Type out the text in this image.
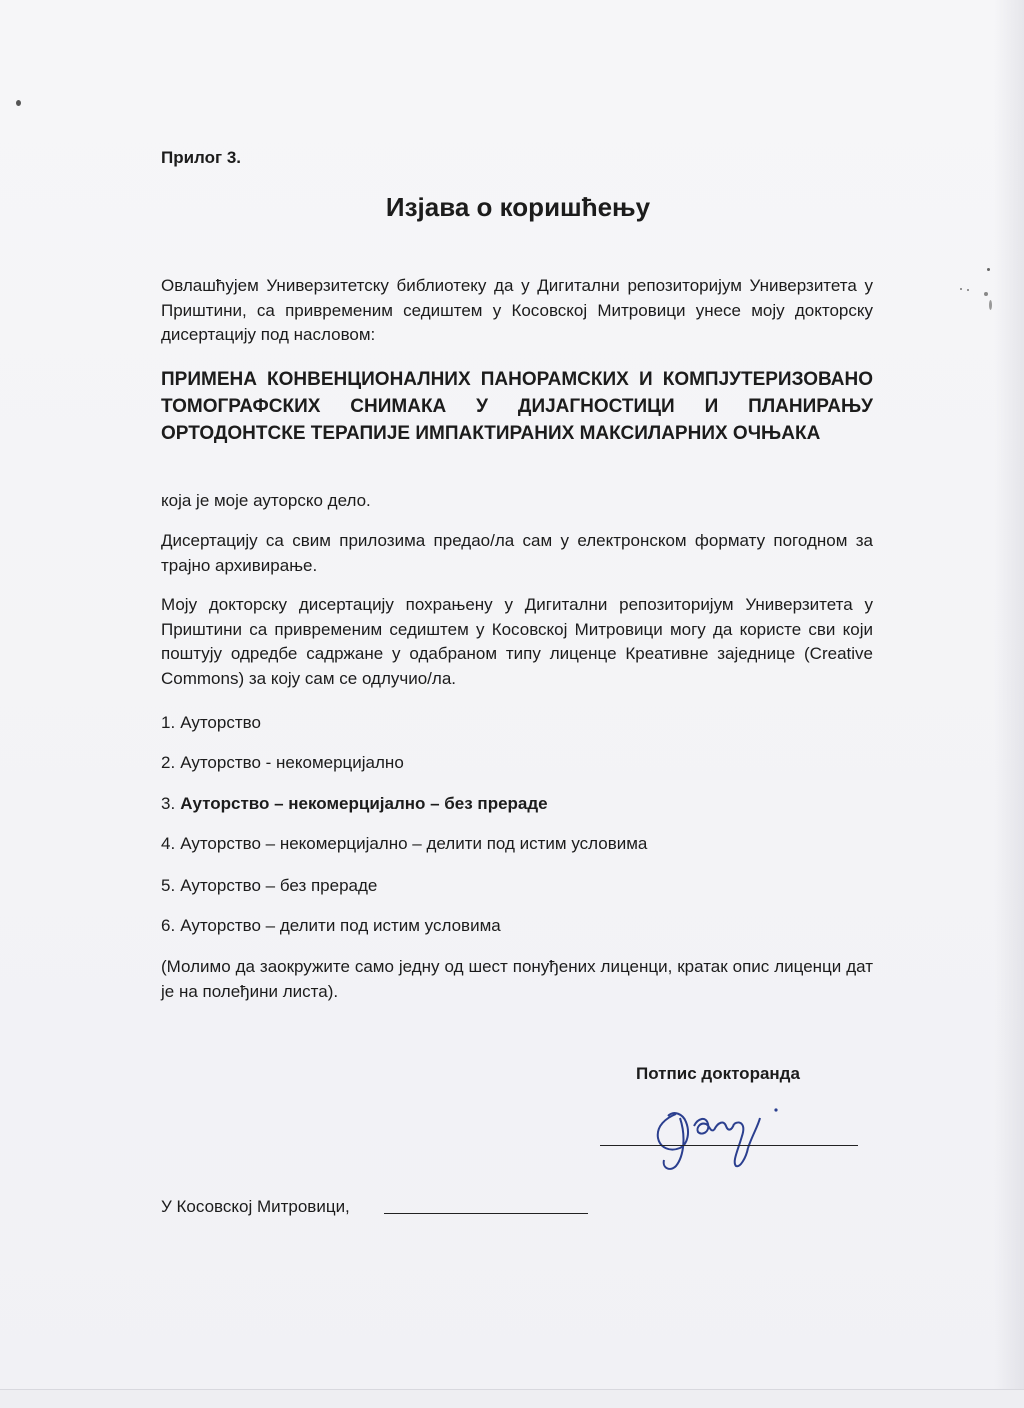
Прилог 3.
Изјава о коришћењу
Овлашћујем Универзитетску библиотеку да у Дигитални репозиторијум Универзитета у Приштини, са привременим седиштем у Косовској Митровици унесе моју докторску дисертацију под насловом:
ПРИМЕНА КОНВЕНЦИОНАЛНИХ ПАНОРАМСКИХ И КОМПЈУТЕРИЗОВАНО ТОМОГРАФСКИХ СНИМАКА У ДИЈАГНОСТИЦИ И ПЛАНИРАЊУ ОРТОДОНТСКЕ ТЕРАПИЈЕ ИМПАКТИРАНИХ МАКСИЛАРНИХ ОЧЊАКА
која је моје ауторско дело.
Дисертацију са свим прилозима предао/ла сам у електронском формату погодном за трајно архивирање.
Моју докторску дисертацију похрањену у Дигитални репозиторијум Универзитета у Приштини са привременим седиштем у Косовској Митровици могу да користе сви који поштују одредбе садржане у одабраном типу лиценце Креативне заједнице (Creative Commons) за коју сам се одлучио/ла.
1. Ауторство
2. Ауторство - некомерцијално
3. Ауторство – некомерцијално – без прераде
4. Ауторство – некомерцијално – делити под истим условима
5. Ауторство – без прераде
6. Ауторство – делити под истим условима
(Молимо да заокружите само једну од шест понуђених лиценци, кратак опис лиценци дат је на полеђини листа).
Потпис докторанда
У Косовској Митровици,
